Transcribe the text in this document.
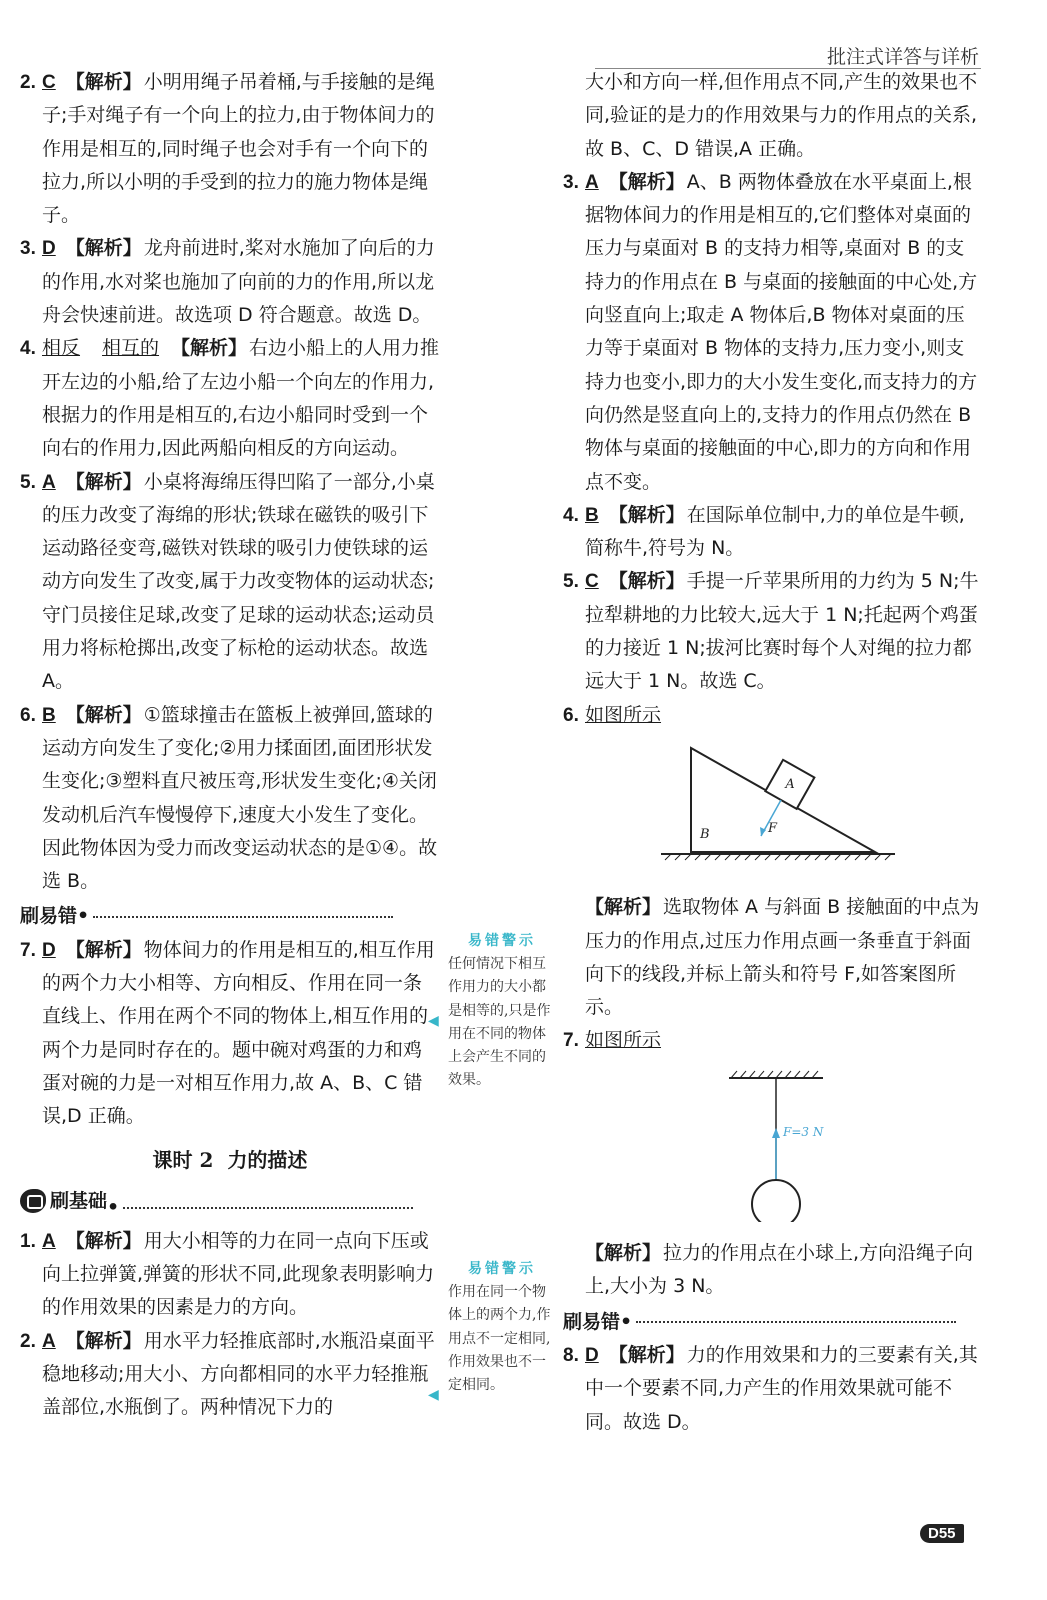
批注式详答与详析
2. C 【解析】 小明用绳子吊着桶,与手接触的是绳子;手对绳子有一个向上的拉力,由于物体间力的作用是相互的,同时绳子也会对手有一个向下的拉力,所以小明的手受到的拉力的施力物体是绳子。
3. D 【解析】 龙舟前进时,桨对水施加了向后的力的作用,水对桨也施加了向前的力的作用,所以龙舟会快速前进。故选项 D 符合题意。故选 D。
4. 相反 相互的 【解析】 右边小船上的人用力推开左边的小船,给了左边小船一个向左的作用力,根据力的作用是相互的,右边小船同时受到一个向右的作用力,因此两船向相反的方向运动。
5. A 【解析】 小桌将海绵压得凹陷了一部分,小桌的压力改变了海绵的形状;铁球在磁铁的吸引下运动路径变弯,磁铁对铁球的吸引力使铁球的运动方向发生了改变,属于力改变物体的运动状态;守门员接住足球,改变了足球的运动状态;运动员用力将标枪掷出,改变了标枪的运动状态。故选 A。
6. B 【解析】 ①篮球撞击在篮板上被弹回,篮球的运动方向发生了变化;②用力揉面团,面团形状发生变化;③塑料直尺被压弯,形状发生变化;④关闭发动机后汽车慢慢停下,速度大小发生了变化。因此物体因为受力而改变运动状态的是①④。故选 B。
刷易错•
7. D 【解析】 物体间力的作用是相互的,相互作用的两个力大小相等、方向相反、作用在同一条直线上、作用在两个不同的物体上,相互作用的两个力是同时存在的。题中碗对鸡蛋的力和鸡蛋对碗的力是一对相互作用力,故 A、B、C 错误,D 正确。
课时 2 力的描述
刷基础 •
1. A 【解析】 用大小相等的力在同一点向下压或向上拉弹簧,弹簧的形状不同,此现象表明影响力的作用效果的因素是力的方向。
2. A 【解析】 用水平力轻推底部时,水瓶沿桌面平稳地移动;用大小、方向都相同的水平力轻推瓶盖部位,水瓶倒了。两种情况下力的
易错警示
◀
任何情况下相互作用力的大小都是相等的,只是作用在不同的物体上会产生不同的效果。
易错警示
◀
作用在同一个物体上的两个力,作用点不一定相同,作用效果也不一定相同。
大小和方向一样,但作用点不同,产生的效果也不同,验证的是力的作用效果与力的作用点的关系,故 B、C、D 错误,A 正确。
3. A 【解析】 A、B 两物体叠放在水平桌面上,根据物体间力的作用是相互的,它们整体对桌面的压力与桌面对 B 的支持力相等,桌面对 B 的支持力的作用点在 B 与桌面的接触面的中心处,方向竖直向上;取走 A 物体后,B 物体对桌面的压力等于桌面对 B 物体的支持力,压力变小,则支持力也变小,即力的大小发生变化,而支持力的方向仍然是竖直向上的,支持力的作用点仍然在 B 物体与桌面的接触面的中心,即力的方向和作用点不变。
4. B 【解析】 在国际单位制中,力的单位是牛顿,简称牛,符号为 N。
5. C 【解析】 手提一斤苹果所用的力约为 5 N;牛拉犁耕地的力比较大,远大于 1 N;托起两个鸡蛋的力接近 1 N;拔河比赛时每个人对绳的拉力都远大于 1 N。故选 C。
6. 如图所示
A
F
B
【解析】 选取物体 A 与斜面 B 接触面的中点为压力的作用点,过压力作用点画一条垂直于斜面向下的线段,并标上箭头和符号 F,如答案图所示。
7. 如图所示
F=3 N
【解析】 拉力的作用点在小球上,方向沿绳子向上,大小为 3 N。
刷易错•
8. D 【解析】 力的作用效果和力的三要素有关,其中一个要素不同,力产生的作用效果就可能不同。故选 D。
D55
